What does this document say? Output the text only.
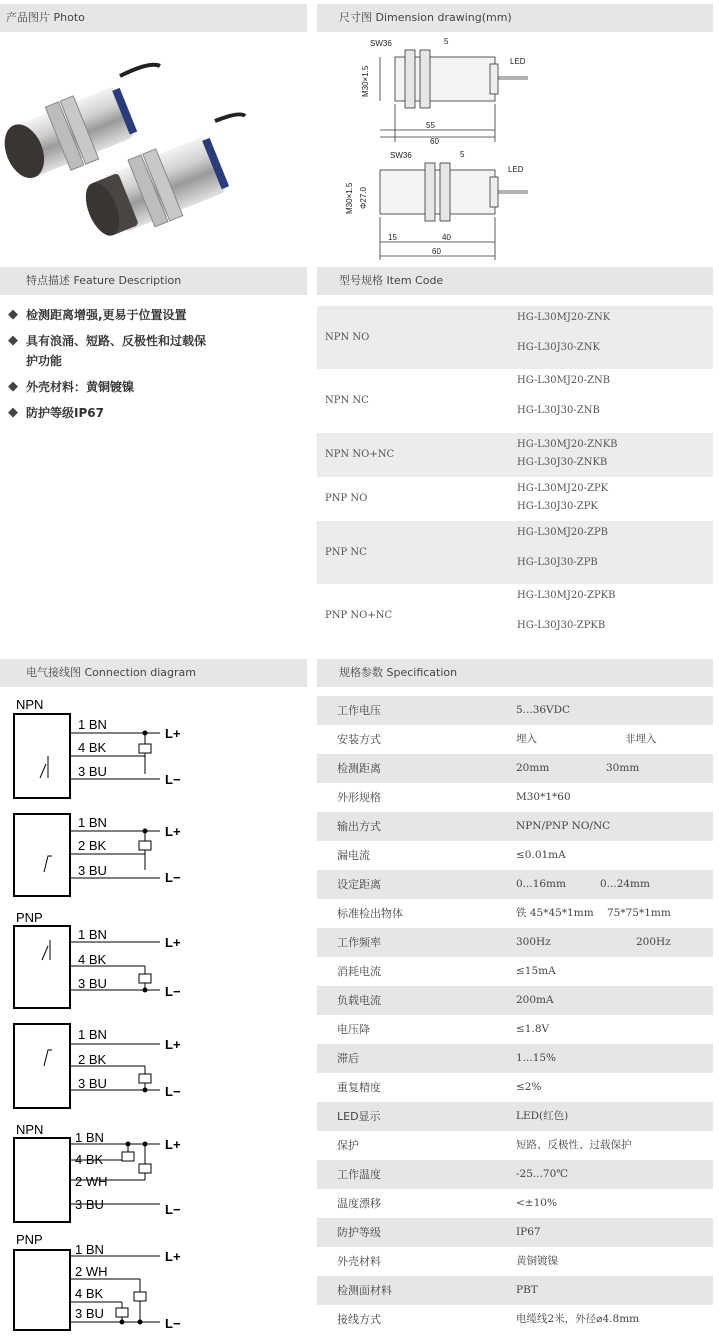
产品图片 Photo	尺寸图 Dimension drawing(mm)
SW36	5
LED
M30×1.5
55
60
SW36	5
LED
M30×1.5 Φ27.0
15	40
60
特点描述 Feature Description	型号规格 Item Code
◆ 检测距离增强,更易于位置设置
◆ 具有浪涌、短路、反极性和过载保护功能
◆ 外壳材料：黄铜镀镍
◆ 防护等级IP67
NPN NO
HG-L30MJ20-ZNK
HG-L30J30-ZNK
NPN NC
HG-L30MJ20-ZNB
HG-L30J30-ZNB
NPN NO+NC
HG-L30MJ20-ZNKB
HG-L30J30-ZNKB
PNP NO
HG-L30MJ20-ZPK
HG-L30J30-ZPK
PNP NC
HG-L30MJ20-ZPB
HG-L30J30-ZPB
PNP NO+NC
HG-L30MJ20-ZPKB
HG-L30J30-ZPKB
电气接线图 Connection diagram	规格参数 Specification
NPN
1 BN
4 BK
3 BU
L+
L−
1 BN
2 BK
3 BU
L+
L−
PNP
1 BN
4 BK
3 BU
L+
L−
1 BN
2 BK
3 BU
L+
L−
NPN
1 BN
4 BK
2 WH
3 BU
L+
L−
PNP
1 BN
2 WH
4 BK
3 BU
L+
L−
工作电压	5...36VDC
安装方式	埋入	非埋入
检测距离	20mm	30mm
外形规格	M30*1*60
输出方式	NPN/PNP NO/NC
漏电流	≤0.01mA
设定距离	0...16mm	0...24mm
标准检出物体	铁 45*45*1mm 75*75*1mm
工作频率	300Hz	200Hz
消耗电流	≤15mA
负载电流	200mA
电压降	≤1.8V
滞后	1...15%
重复精度	≤2%
LED显示	LED(红色)
保护	短路、反极性、过载保护
工作温度	-25...70℃
温度漂移	<±10%
防护等级	IP67
外壳材料	黄铜镀镍
检测面材料	PBT
接线方式	电缆线2米，外径⌀4.8mm
